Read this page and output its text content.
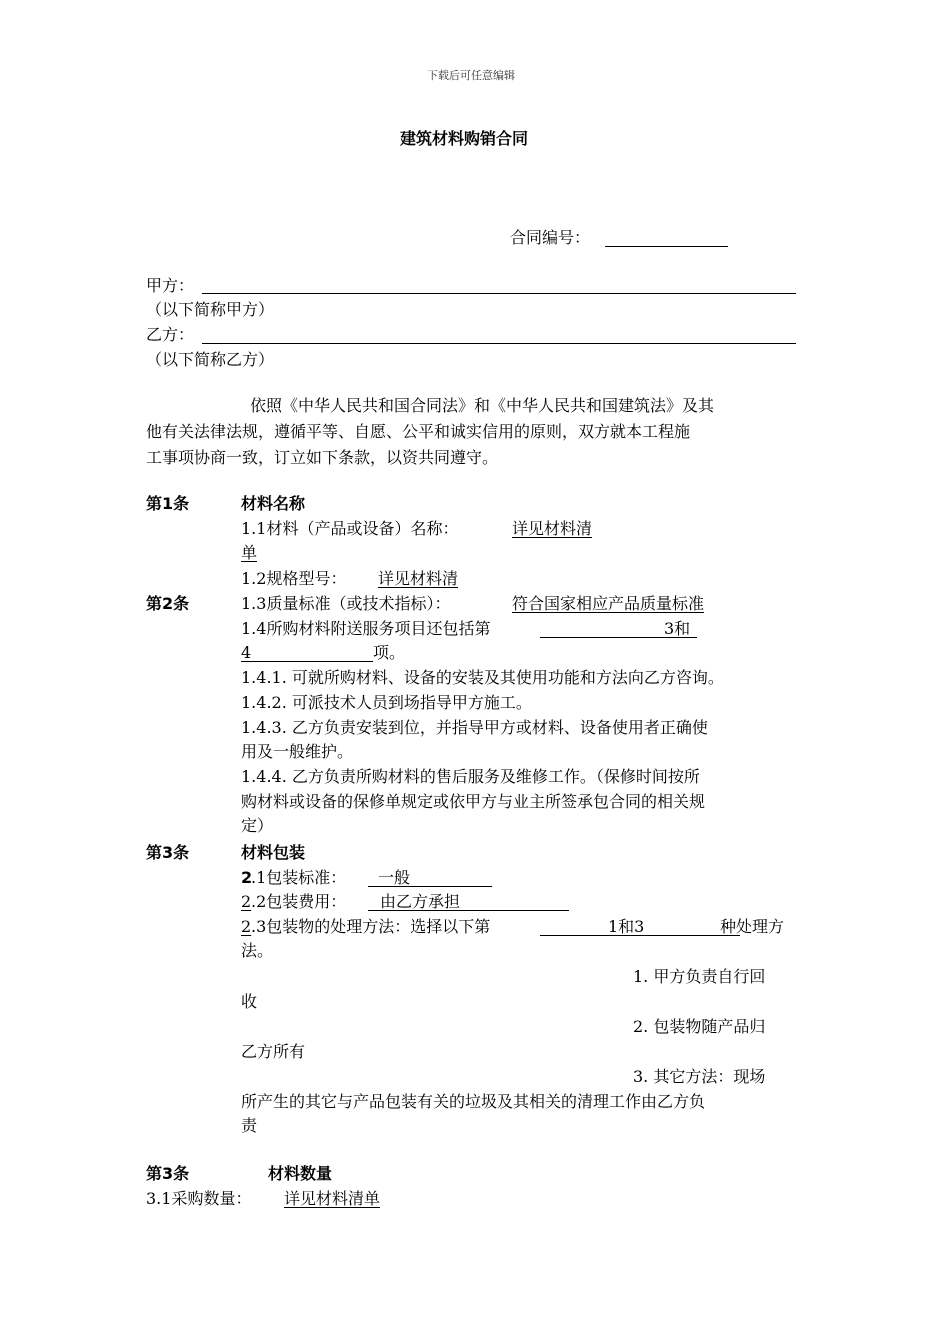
下载后可任意编辑
建筑材料购销合同
合同编号：
甲方：
（以下简称甲方）
乙方：
（以下简称乙方）
依照《中华人民共和国合同法》和《中华人民共和国建筑法》及其
他有关法律法规，遵循平等、自愿、公平和诚实信用的原则，双方就本工程施
工事项协商一致，订立如下条款，以资共同遵守。
第1条	材料名称
1.1材料（产品或设备）名称：	详见材料清
单
1.2规格型号：	详见材料清
第2条	1.3质量标准（或技术指标）：	符合国家相应产品质量标准
1.4所购材料附送服务项目还包括第	3和
4	项。
1.4.1. 可就所购材料、设备的安装及其使用功能和方法向乙方咨询。
1.4.2. 可派技术人员到场指导甲方施工。
1.4.3. 乙方负责安装到位，并指导甲方或材料、设备使用者正确使
用及一般维护。
1.4.4. 乙方负责所购材料的售后服务及维修工作。（保修时间按所
购材料或设备的保修单规定或依甲方与业主所签承包合同的相关规
定）
第3条	材料包装
2
.1包装标准： 一般
2 .2包装费用： 由乙方承担
2 .3包装物的处理方法：选择以下第	1和3	种处理方
法。
1. 甲方负责自行回
收
2. 包装物随产品归
乙方所有
3. 其它方法：现场
所产生的其它与产品包装有关的垃圾及其相关的清理工作由乙方负
责
第3条	材料数量
3.1采购数量：	详见材料清单
